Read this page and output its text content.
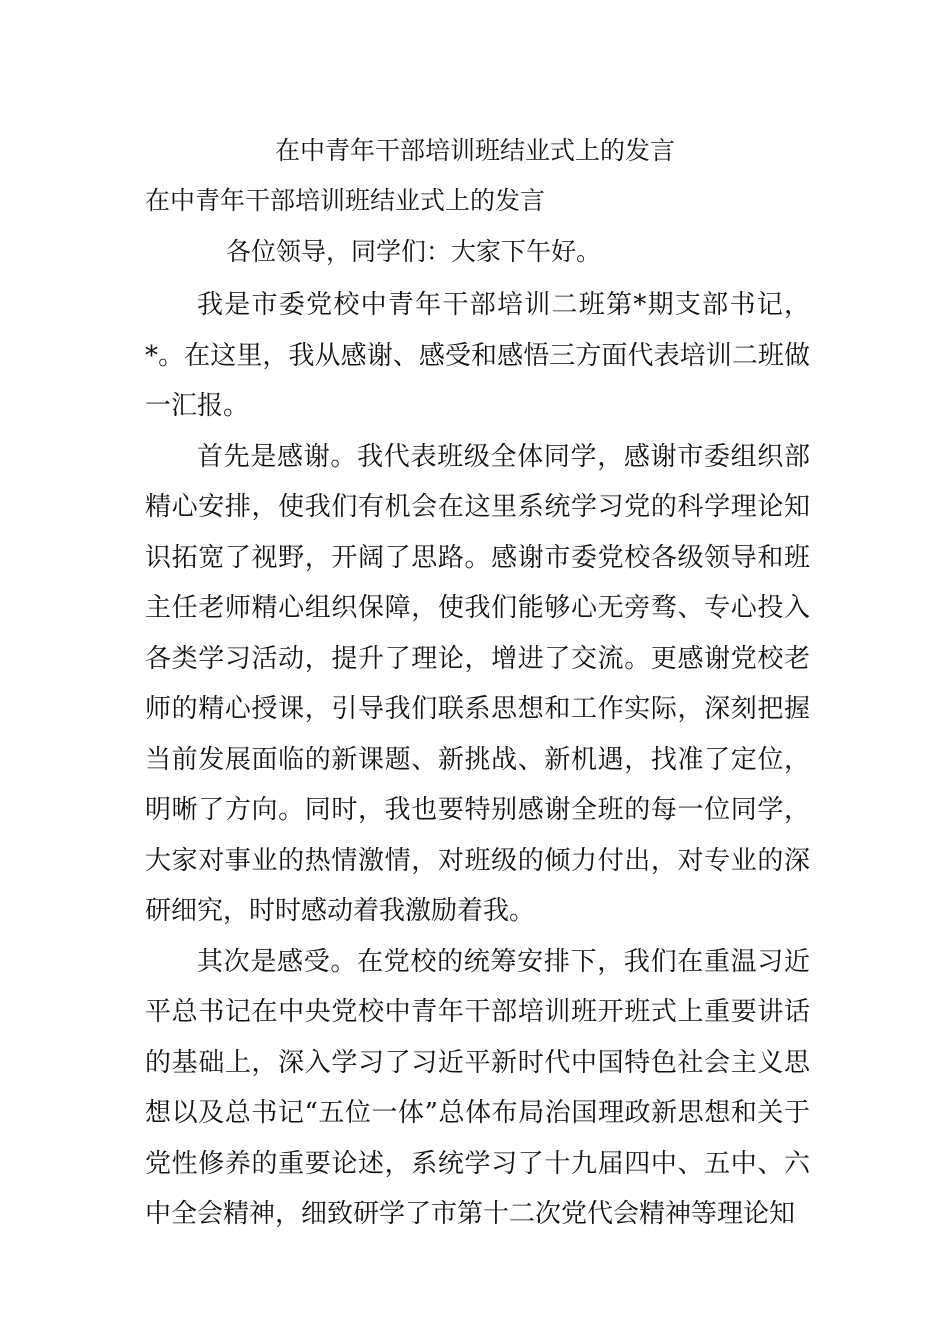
在中青年干部培训班结业式上的发言
在中青年干部培训班结业式上的发言
各位领导，同学们：大家下午好。

我是市委党校中青年干部培训二班第*期支部书记，*。在这里，我从感谢、感受和感悟三方面代表培训二班做一汇报。

首先是感谢。我代表班级全体同学，感谢市委组织部精心安排，使我们有机会在这里系统学习党的科学理论知识拓宽了视野，开阔了思路。感谢市委党校各级领导和班主任老师精心组织保障，使我们能够心无旁骛、专心投入各类学习活动，提升了理论，增进了交流。更感谢党校老师的精心授课，引导我们联系思想和工作实际，深刻把握当前发展面临的新课题、新挑战、新机遇，找准了定位，明晰了方向。同时，我也要特别感谢全班的每一位同学，大家对事业的热情激情，对班级的倾力付出，对专业的深研细究，时时感动着我激励着我。

其次是感受。在党校的统筹安排下，我们在重温习近平总书记在中央党校中青年干部培训班开班式上重要讲话的基础上，深入学习了习近平新时代中国特色社会主义思想以及总书记“五位一体”总体布局治国理政新思想和关于党性修养的重要论述，系统学习了十九届四中、五中、六中全会精神，细致研学了市第十二次党代会精神等理论知
